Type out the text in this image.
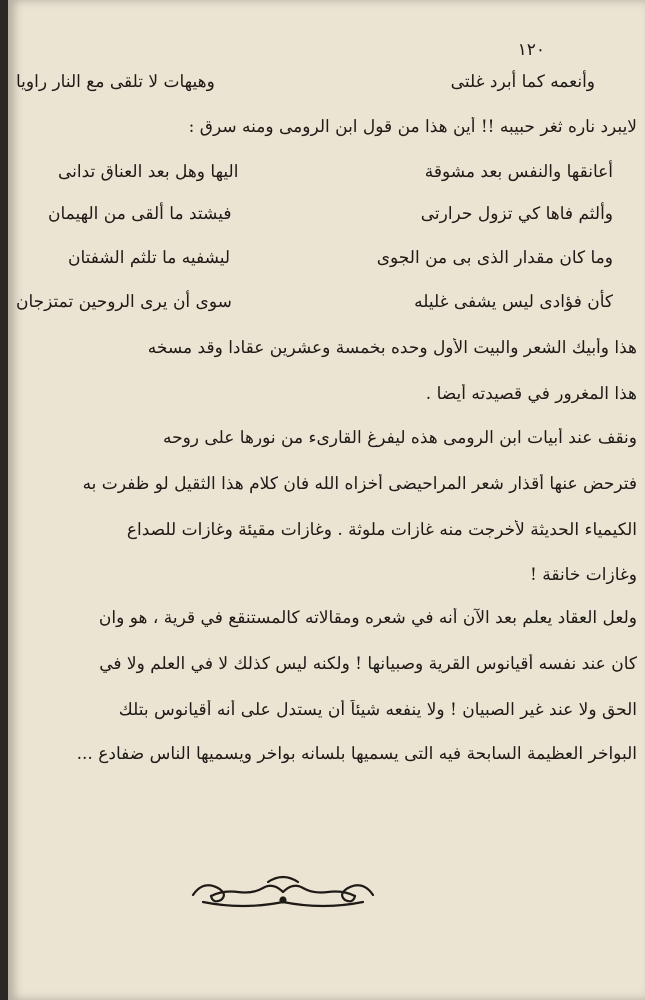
١٢٠
وأنعمه كما أبرد غلتى
وهيهات لا تلقى مع النار راويا
لايبرد ناره ثغر حبيبه !! أين هذا من قول ابن الرومى ومنه سرق :
أعانقها والنفس بعد مشوقة
اليها وهل بعد العناق تدانى
وألثم فاها كي تزول حرارتى
فيشتد ما ألقى من الهيمان
وما كان مقدار الذى بى من الجوى
ليشفيه ما تلثم الشفتان
كأن فؤادى ليس يشفى غليله
سوى أن يرى الروحين تمتزجان
هذا وأبيك الشعر والبيت الأول وحده بخمسة وعشرين عقادا وقد مسخه
هذا المغرور في قصيدته أيضا .
ونقف عند أبيات ابن الرومى هذه ليفرغ القارىء من نورها على روحه
فترحض عنها أقذار شعر المراحيضى أخزاه الله فان كلام هذا الثقيل لو ظفرت به
الكيمياء الحديثة لأخرجت منه غازات ملوثة . وغازات مقيئة وغازات للصداع
وغازات خانقة !
ولعل العقاد يعلم بعد الآن أنه في شعره ومقالاته كالمستنقع في قرية ، هو وان
كان عند نفسه أقيانوس القرية وصبيانها ! ولكنه ليس كذلك لا في العلم ولا في
الحق ولا عند غير الصبيان ! ولا ينفعه شيئاً أن يستدل على أنه أقيانوس بتلك
البواخر العظيمة السابحة فيه التى يسميها بلسانه بواخر ويسميها الناس ضفادع ...
